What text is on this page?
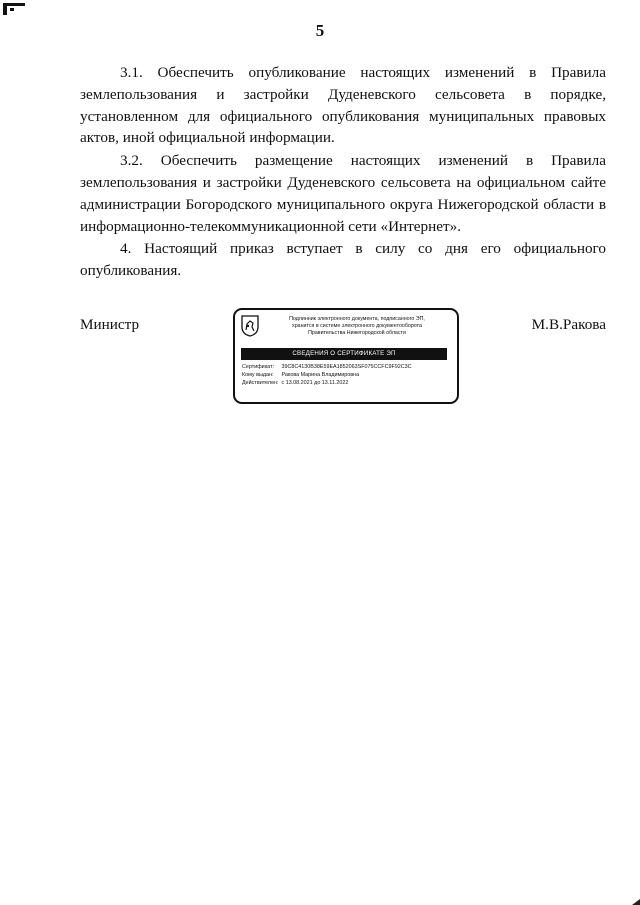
5

3.1. Обеспечить опубликование настоящих изменений в Правила землепользования и застройки Дуденевского сельсовета в порядке, установленном для официального опубликования муниципальных правовых актов, иной официальной информации.

3.2. Обеспечить размещение настоящих изменений в Правила землепользования и застройки Дуденевского сельсовета на официальном сайте администрации Богородского муниципального округа Нижегородской области в информационно-телекоммуникационной сети «Интернет».

4. Настоящий приказ вступает в силу со дня его официального опубликования.

Министр	Подлинник электронного документа, подписанного ЭП,
хранится в системе электронного документооборота
Правительства Нижегородской области
СВЕДЕНИЯ О СЕРТИФИКАТЕ ЭП
Сертификат: 39C8C4130B38E59EA1852063SF075CCFC9F92C3C
Кому выдан: Ракова Марина Владимировна
Действителен: с 13.08.2021 до 13.11.2022
М.В.Ракова
